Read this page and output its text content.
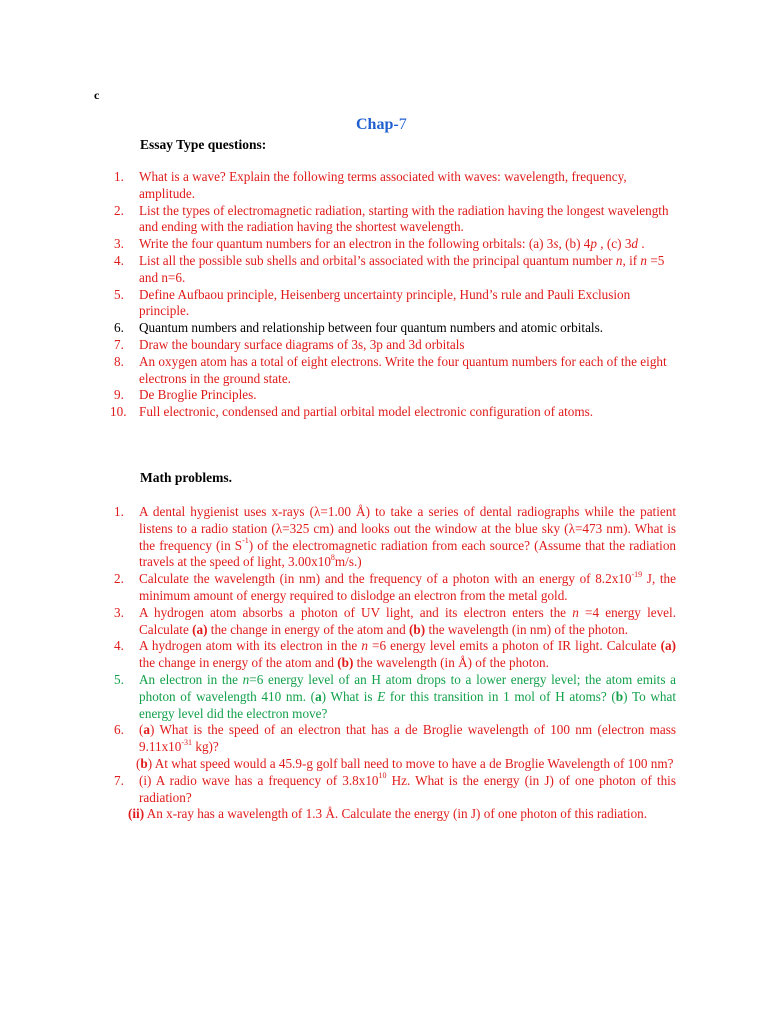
c
Chap-7
Essay Type questions:
1. What is a wave? Explain the following terms associated with waves: wavelength, frequency, amplitude.
2. List the types of electromagnetic radiation, starting with the radiation having the longest wavelength and ending with the radiation having the shortest wavelength.
3. Write the four quantum numbers for an electron in the following orbitals: (a) 3s, (b) 4p , (c) 3d .
4. List all the possible sub shells and orbital’s associated with the principal quantum number n, if n =5 and n=6.
5. Define Aufbaou principle, Heisenberg uncertainty principle, Hund’s rule and Pauli Exclusion principle.
6. Quantum numbers and relationship between four quantum numbers and atomic orbitals.
7. Draw the boundary surface diagrams of 3s, 3p and 3d orbitals
8. An oxygen atom has a total of eight electrons. Write the four quantum numbers for each of the eight electrons in the ground state.
9. De Broglie Principles.
10. Full electronic, condensed and partial orbital model electronic configuration of atoms.
Math problems.
1. A dental hygienist uses x-rays (λ=1.00 Å) to take a series of dental radiographs while the patient listens to a radio station (λ=325 cm) and looks out the window at the blue sky (λ=473 nm). What is the frequency (in $S^{-1}$) of the electromagnetic radiation from each source? (Assume that the radiation travels at the speed of light, $3.00x10^8m/s$.)
2. Calculate the wavelength (in nm) and the frequency of a photon with an energy of $8.2x10^{-19}$ J, the minimum amount of energy required to dislodge an electron from the metal gold.
3. A hydrogen atom absorbs a photon of UV light, and its electron enters the n =4 energy level. Calculate (a) the change in energy of the atom and (b) the wavelength (in nm) of the photon.
4. A hydrogen atom with its electron in the n =6 energy level emits a photon of IR light. Calculate (a) the change in energy of the atom and (b) the wavelength (in Å) of the photon.
5. An electron in the n=6 energy level of an H atom drops to a lower energy level; the atom emits a photon of wavelength 410 nm. (a) What is E for this transition in 1 mol of H atoms? (b) To what energy level did the electron move?
6. (a) What is the speed of an electron that has a de Broglie wavelength of 100 nm (electron mass $9.11x10^{-31}$ kg)?
(b) At what speed would a 45.9-g golf ball need to move to have a de Broglie Wavelength of 100 nm?
7. (i) A radio wave has a frequency of $3.8x10^{10}$ Hz. What is the energy (in J) of one photon of this radiation?
(ii) An x-ray has a wavelength of 1.3 Å. Calculate the energy (in J) of one photon of this radiation.
